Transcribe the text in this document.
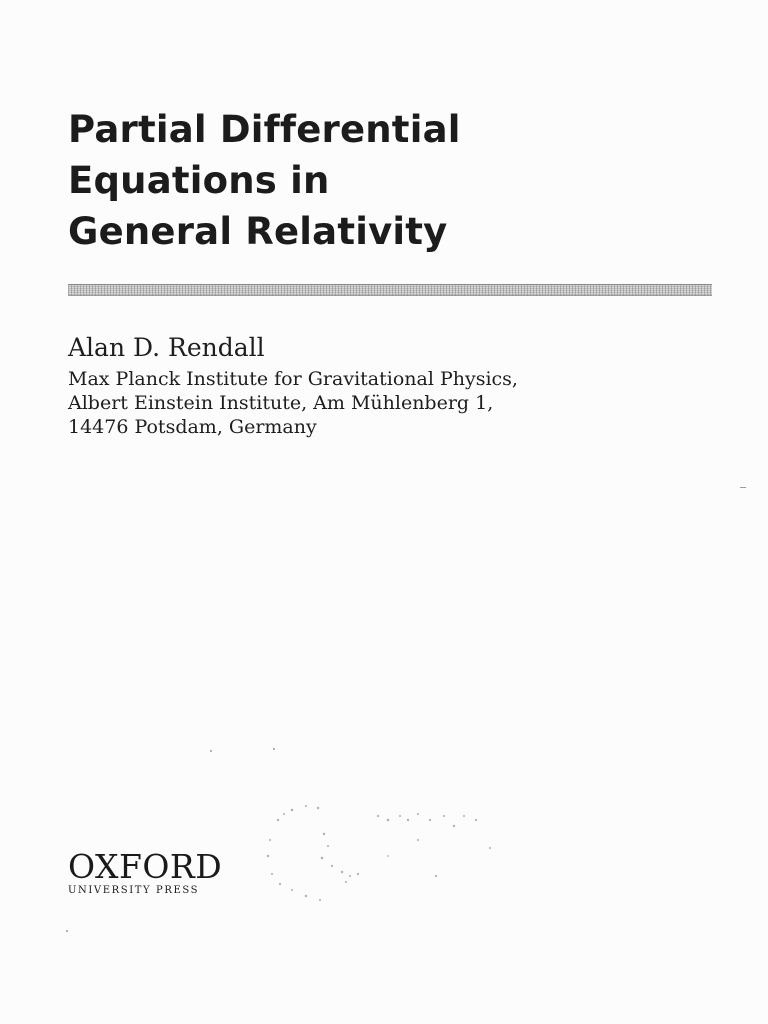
Partial Differential
Equations in
General Relativity
Alan D. Rendall
Max Planck Institute for Gravitational Physics,
Albert Einstein Institute, Am Mühlenberg 1,
14476 Potsdam, Germany
OXFORD
UNIVERSITY PRESS
